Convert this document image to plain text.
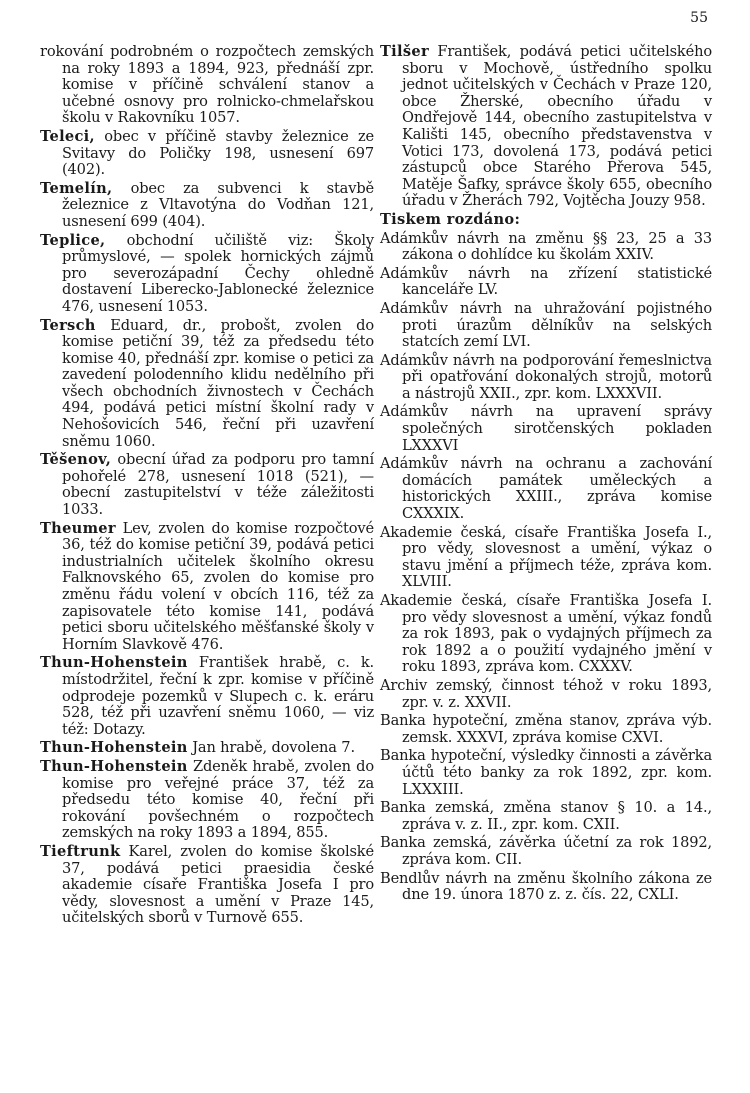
55

rokování podrobném o rozpočtech zemských na roky 1893 a 1894, 923, přednáší zpr. komise v příčině schválení stanov a učebné osnovy pro rolnicko-chmelařskou školu v Rakovníku 1057.

Teleci, obec v příčině stavby železnice ze Svitavy do Poličky 198, usnesení 697 (402).

Temelín, obec za subvenci k stavbě železnice z Vltavotýna do Vodňan 121, usnesení 699 (404).

Teplice, obchodní učiliště viz: Školy průmyslové, — spolek hornických zájmů pro severozápadní Čechy ohledně dostavení Liberecko-Jablonecké železnice 476, usnesení 1053.

Tersch Eduard, dr., probošt, zvolen do komise petiční 39, též za předsedu této komise 40, přednáší zpr. komise o petici za zavedení polodenního klidu nedělního při všech obchodních živnostech v Čechách 494, podává petici místní školní rady v Nehošovicích 546, řeční při uzavření sněmu 1060.

Těšenov, obecní úřad za podporu pro tamní pohořelé 278, usnesení 1018 (521), — obecní zastupitelství v téže záležitosti 1033.

Theumer Lev, zvolen do komise rozpočtové 36, též do komise petiční 39, podává petici industrialních učitelek školního okresu Falknovského 65, zvolen do komise pro změnu řádu volení v obcích 116, též za zapisovatele této komise 141, podává petici sboru učitelského měšťanské školy v Horním Slavkově 476.

Thun-Hohenstein František hrabě, c. k. místodržitel, řeční k zpr. komise v příčině odprodeje pozemků v Slupech c. k. eráru 528, též při uzavření sněmu 1060, — viz též: Dotazy.

Thun-Hohenstein Jan hrabě, dovolena 7.

Thun-Hohenstein Zdeněk hrabě, zvolen do komise pro veřejné práce 37, též za předsedu této komise 40, řeční při rokování povšechném o rozpočtech zemských na roky 1893 a 1894, 855.

Tieftrunk Karel, zvolen do komise školské 37, podává petici praesidia české akademie císaře Františka Josefa I pro vědy, slovesnost a umění v Praze 145, učitelských sborů v Turnově 655.

Tilšer František, podává petici učitelského sboru v Mochově, ústředního spolku jednot učitelských v Čechách v Praze 120, obce Žherské, obecního úřadu v Ondřejově 144, obecního zastupitelstva v Kališti 145, obecního představenstva v Votici 173, dovolená 173, podává petici zástupců obce Starého Přerova 545, Matěje Šafky, správce školy 655, obecního úřadu v Žherách 792, Vojtěcha Jouzy 958.

Tiskem rozdáno:

Adámkův návrh na změnu §§ 23, 25 a 33 zákona o dohlídce ku školám XXIV.

Adámkův návrh na zřízení statistické kanceláře LV.

Adámkův návrh na uhražování pojistného proti úrazům dělníkův na selských statcích zemí LVI.

Adámkův návrh na podporování řemeslnictva při opatřování dokonalých strojů, motorů a nástrojů XXII., zpr. kom. LXXXVII.

Adámkův návrh na upravení správy společných sirotčenských pokladen LXXXVI

Adámkův návrh na ochranu a zachování domácích památek uměleckých a historických XXIII., zpráva komise CXXXIX.

Akademie česká, císaře Františka Josefa I., pro vědy, slovesnost a umění, výkaz o stavu jmění a příjmech téže, zpráva kom. XLVIII.

Akademie česká, císaře Františka Josefa I. pro vědy slovesnost a umění, výkaz fondů za rok 1893, pak o vydajných příjmech za rok 1892 a o použití vydajného jmění v roku 1893, zpráva kom. CXXXV.

Archiv zemský, činnost téhož v roku 1893, zpr. v. z. XXVII.

Banka hypoteční, změna stanov, zpráva výb. zemsk. XXXVI, zpráva komise CXVI.

Banka hypoteční, výsledky činnosti a závěrka účtů této banky za rok 1892, zpr. kom. LXXXIII.

Banka zemská, změna stanov § 10. a 14., zpráva v. z. II., zpr. kom. CXII.

Banka zemská, závěrka účetní za rok 1892, zpráva kom. CII.

Bendlův návrh na změnu školního zákona ze dne 19. února 1870 z. z. čís. 22, CXLI.
